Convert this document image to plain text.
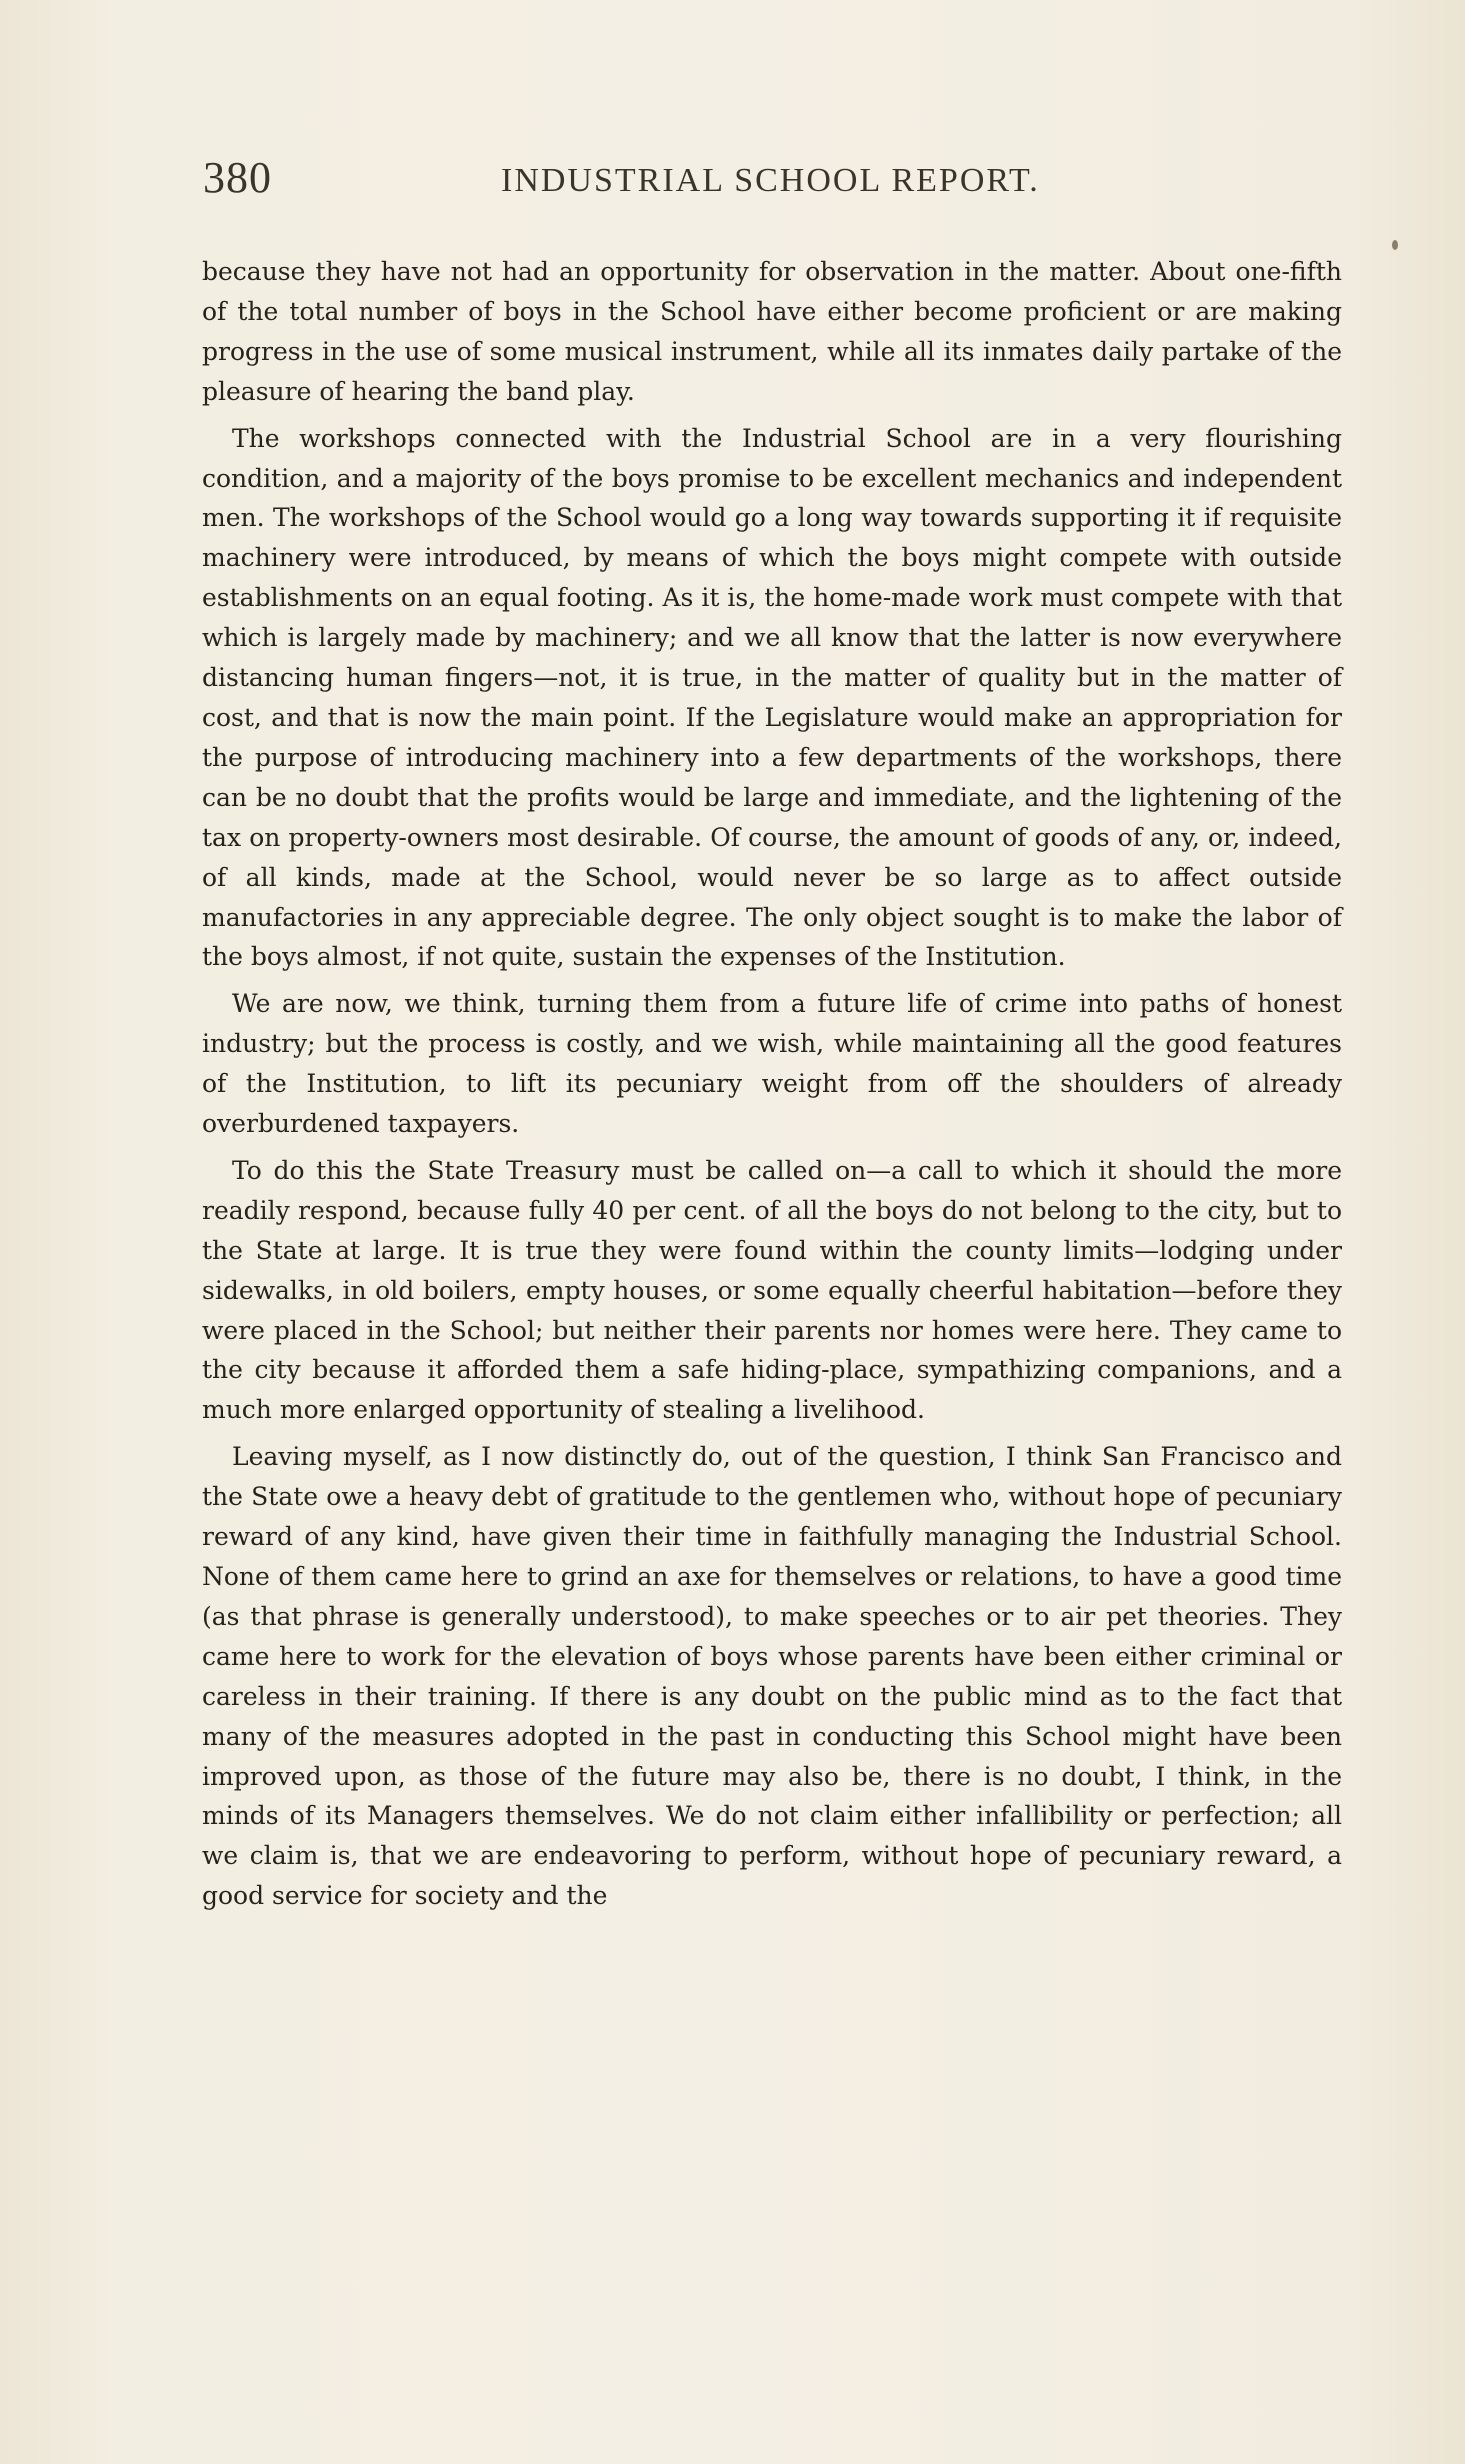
380	INDUSTRIAL SCHOOL REPORT.

because they have not had an opportunity for observation in the matter. About one-fifth of the total number of boys in the School have either become proficient or are making progress in the use of some musical instrument, while all its inmates daily partake of the pleasure of hearing the band play.

The workshops connected with the Industrial School are in a very flourishing condition, and a majority of the boys promise to be excellent mechanics and independent men. The workshops of the School would go a long way towards supporting it if requisite machinery were introduced, by means of which the boys might compete with outside establishments on an equal footing. As it is, the home-made work must compete with that which is largely made by machinery; and we all know that the latter is now everywhere distancing human fingers—not, it is true, in the matter of quality but in the matter of cost, and that is now the main point. If the Legislature would make an appropriation for the purpose of introducing machinery into a few departments of the workshops, there can be no doubt that the profits would be large and immediate, and the lightening of the tax on property-owners most desirable. Of course, the amount of goods of any, or, indeed, of all kinds, made at the School, would never be so large as to affect outside manufactories in any appreciable degree. The only object sought is to make the labor of the boys almost, if not quite, sustain the expenses of the Institution.

We are now, we think, turning them from a future life of crime into paths of honest industry; but the process is costly, and we wish, while maintaining all the good features of the Institution, to lift its pecuniary weight from off the shoulders of already overburdened taxpayers.

To do this the State Treasury must be called on—a call to which it should the more readily respond, because fully 40 per cent. of all the boys do not belong to the city, but to the State at large. It is true they were found within the county limits—lodging under sidewalks, in old boilers, empty houses, or some equally cheerful habitation—before they were placed in the School; but neither their parents nor homes were here. They came to the city because it afforded them a safe hiding-place, sympathizing companions, and a much more enlarged opportunity of stealing a livelihood.

Leaving myself, as I now distinctly do, out of the question, I think San Francisco and the State owe a heavy debt of gratitude to the gentlemen who, without hope of pecuniary reward of any kind, have given their time in faithfully managing the Industrial School. None of them came here to grind an axe for themselves or relations, to have a good time (as that phrase is generally understood), to make speeches or to air pet theories. They came here to work for the elevation of boys whose parents have been either criminal or careless in their training. If there is any doubt on the public mind as to the fact that many of the measures adopted in the past in conducting this School might have been improved upon, as those of the future may also be, there is no doubt, I think, in the minds of its Managers themselves. We do not claim either infallibility or perfection; all we claim is, that we are endeavoring to perform, without hope of pecuniary reward, a good service for society and the
